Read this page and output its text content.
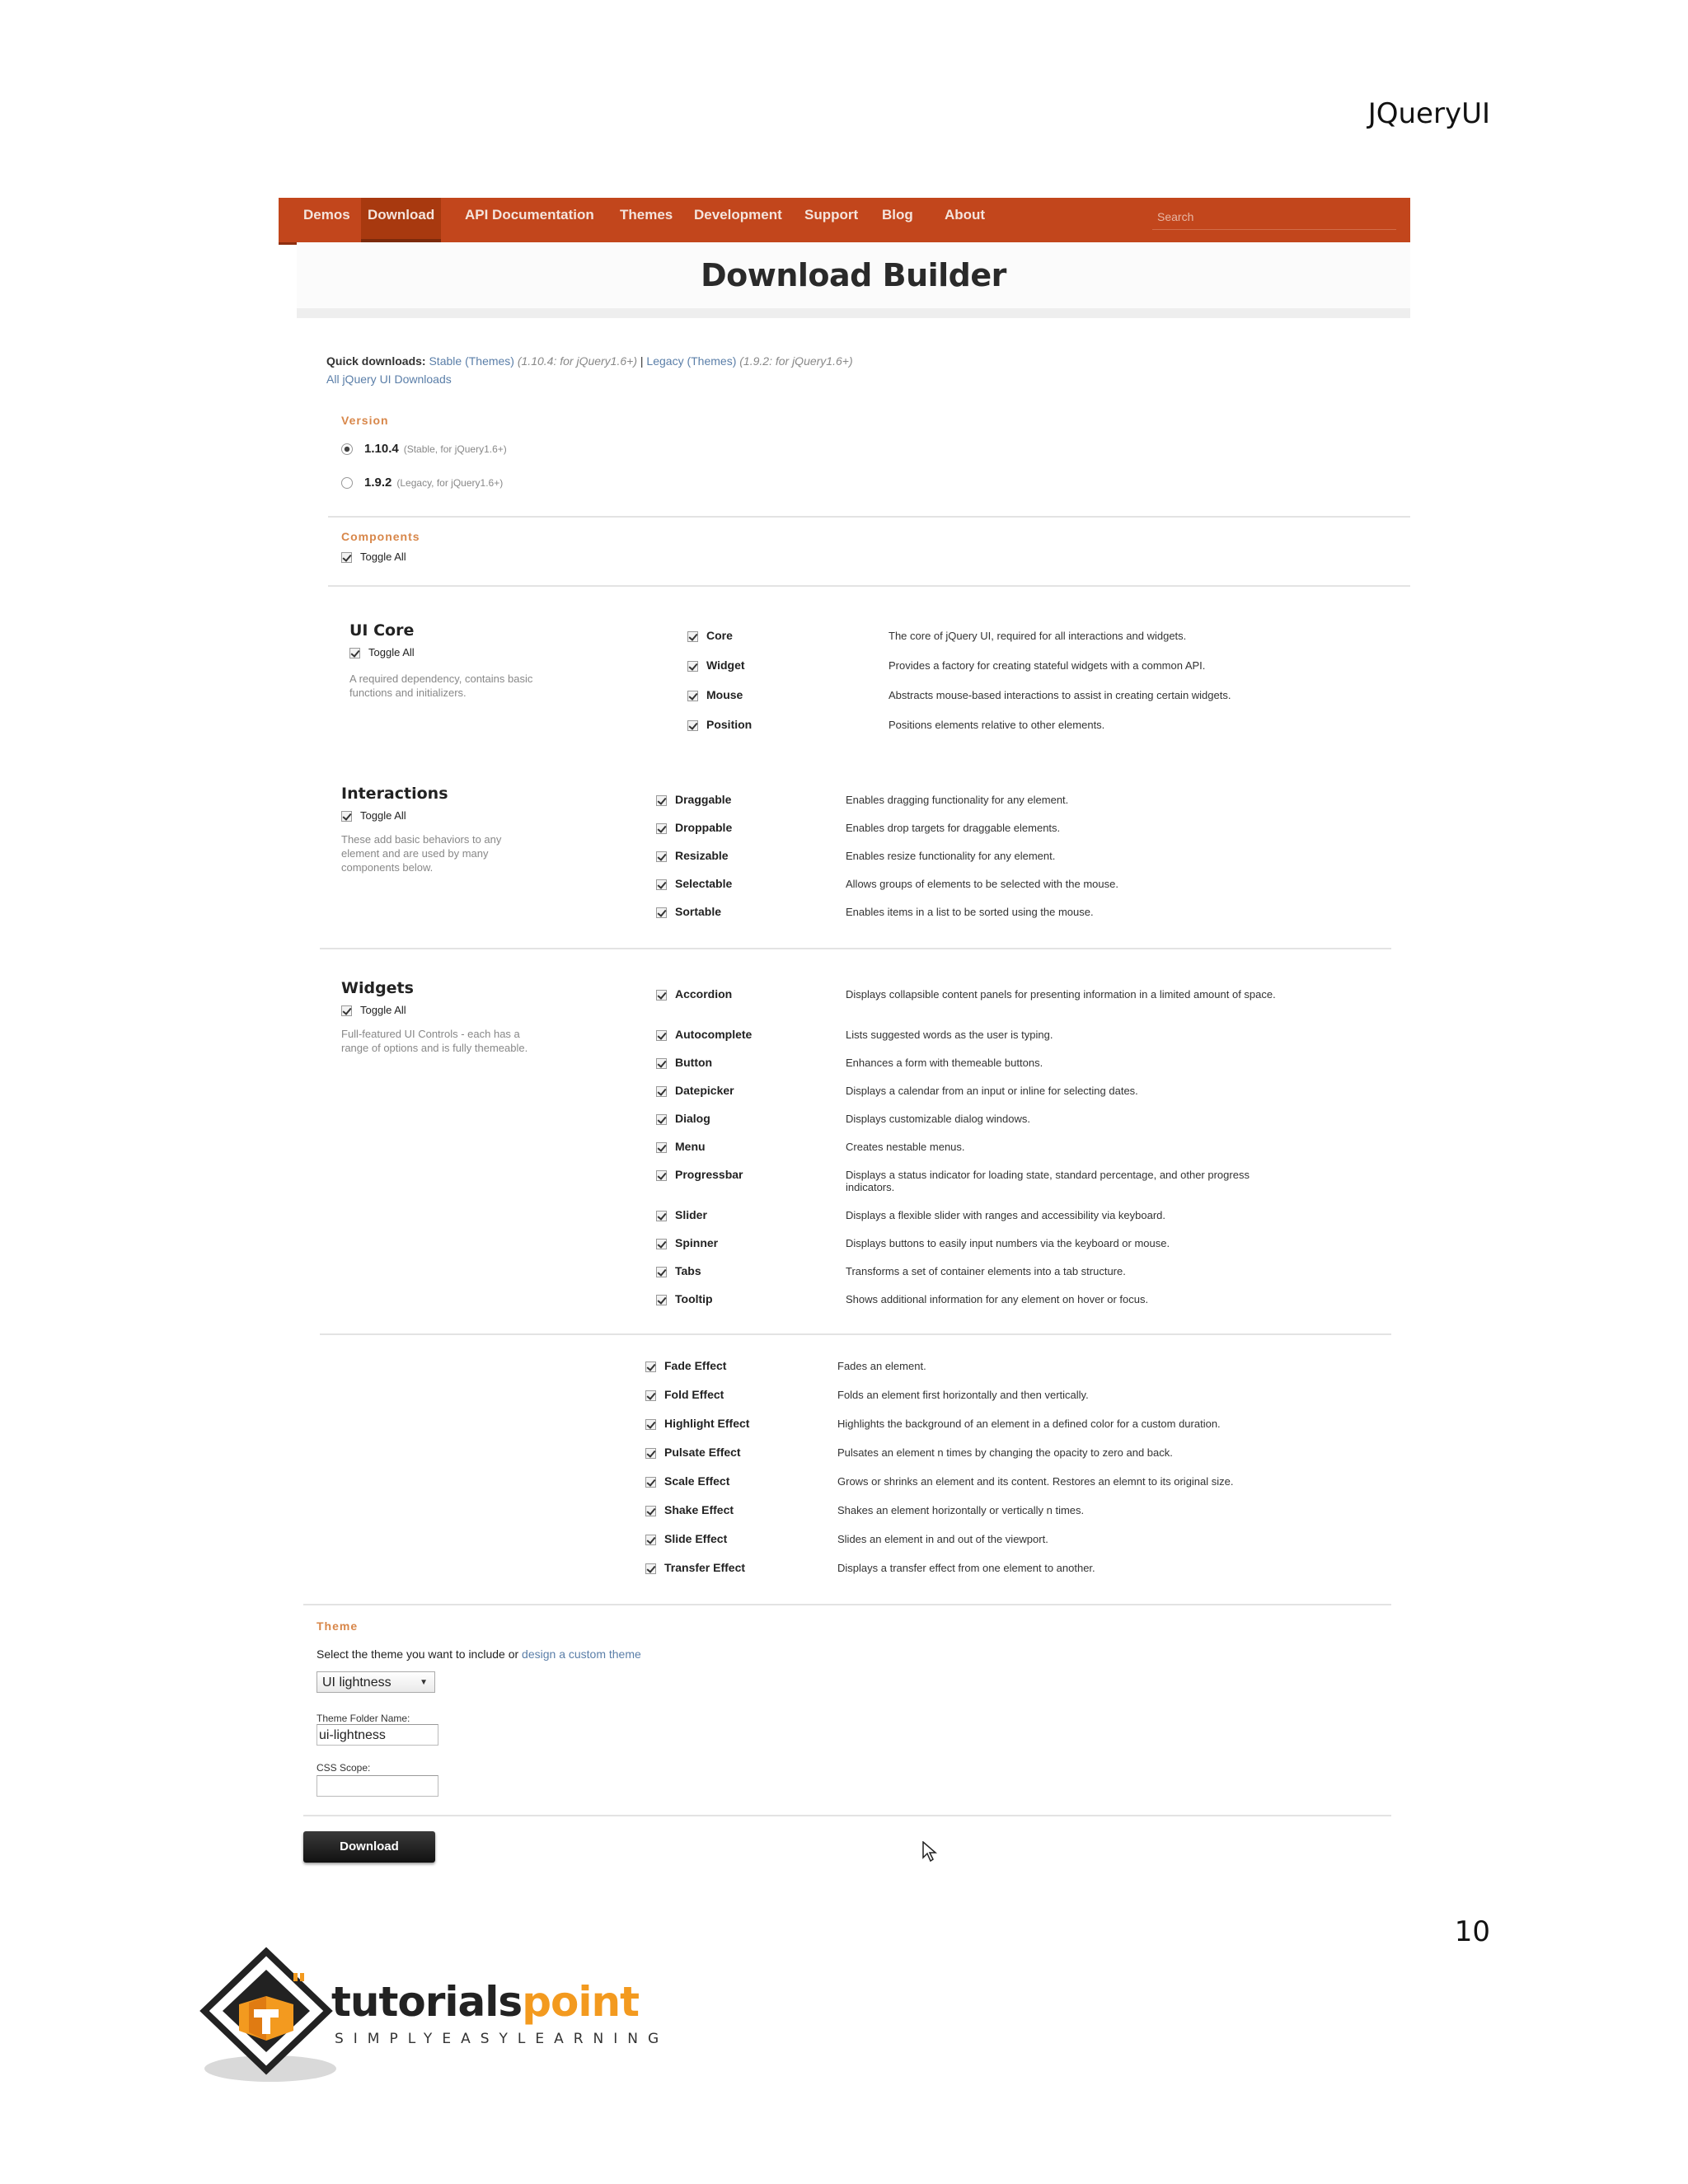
JQueryUI
Demos	Download	API Documentation	Themes	Development	Support	Blog	About	Search
Download Builder
Quick downloads: Stable (Themes) (1.10.4: for jQuery1.6+) | Legacy (Themes) (1.9.2: for jQuery1.6+)
All jQuery UI Downloads
Version
1.10.4 (Stable, for jQuery1.6+)
1.9.2 (Legacy, for jQuery1.6+)
Components
Toggle All
UI Core
Toggle All
A required dependency, contains basic functions and initializers.
Core	The core of jQuery UI, required for all interactions and widgets.
Widget	Provides a factory for creating stateful widgets with a common API.
Mouse	Abstracts mouse-based interactions to assist in creating certain widgets.
Position	Positions elements relative to other elements.
Interactions
Toggle All
These add basic behaviors to any element and are used by many components below.
Draggable	Enables dragging functionality for any element.
Droppable	Enables drop targets for draggable elements.
Resizable	Enables resize functionality for any element.
Selectable	Allows groups of elements to be selected with the mouse.
Sortable	Enables items in a list to be sorted using the mouse.
Widgets
Toggle All
Full-featured UI Controls - each has a range of options and is fully themeable.
Accordion	Displays collapsible content panels for presenting information in a limited amount of space.
Autocomplete	Lists suggested words as the user is typing.
Button	Enhances a form with themeable buttons.
Datepicker	Displays a calendar from an input or inline for selecting dates.
Dialog	Displays customizable dialog windows.
Menu	Creates nestable menus.
Progressbar	Displays a status indicator for loading state, standard percentage, and other progress indicators.
Slider	Displays a flexible slider with ranges and accessibility via keyboard.
Spinner	Displays buttons to easily input numbers via the keyboard or mouse.
Tabs	Transforms a set of container elements into a tab structure.
Tooltip	Shows additional information for any element on hover or focus.
Fade Effect	Fades an element.
Fold Effect	Folds an element first horizontally and then vertically.
Highlight Effect	Highlights the background of an element in a defined color for a custom duration.
Pulsate Effect	Pulsates an element n times by changing the opacity to zero and back.
Scale Effect	Grows or shrinks an element and its content. Restores an elemnt to its original size.
Shake Effect	Shakes an element horizontally or vertically n times.
Slide Effect	Slides an element in and out of the viewport.
Transfer Effect	Displays a transfer effect from one element to another.
Theme
Select the theme you want to include or design a custom theme
UI lightness	▼
Theme Folder Name:
ui-lightness
CSS Scope:
Download
10
tutorialspoint
SIMPLYEASYLEARNING
